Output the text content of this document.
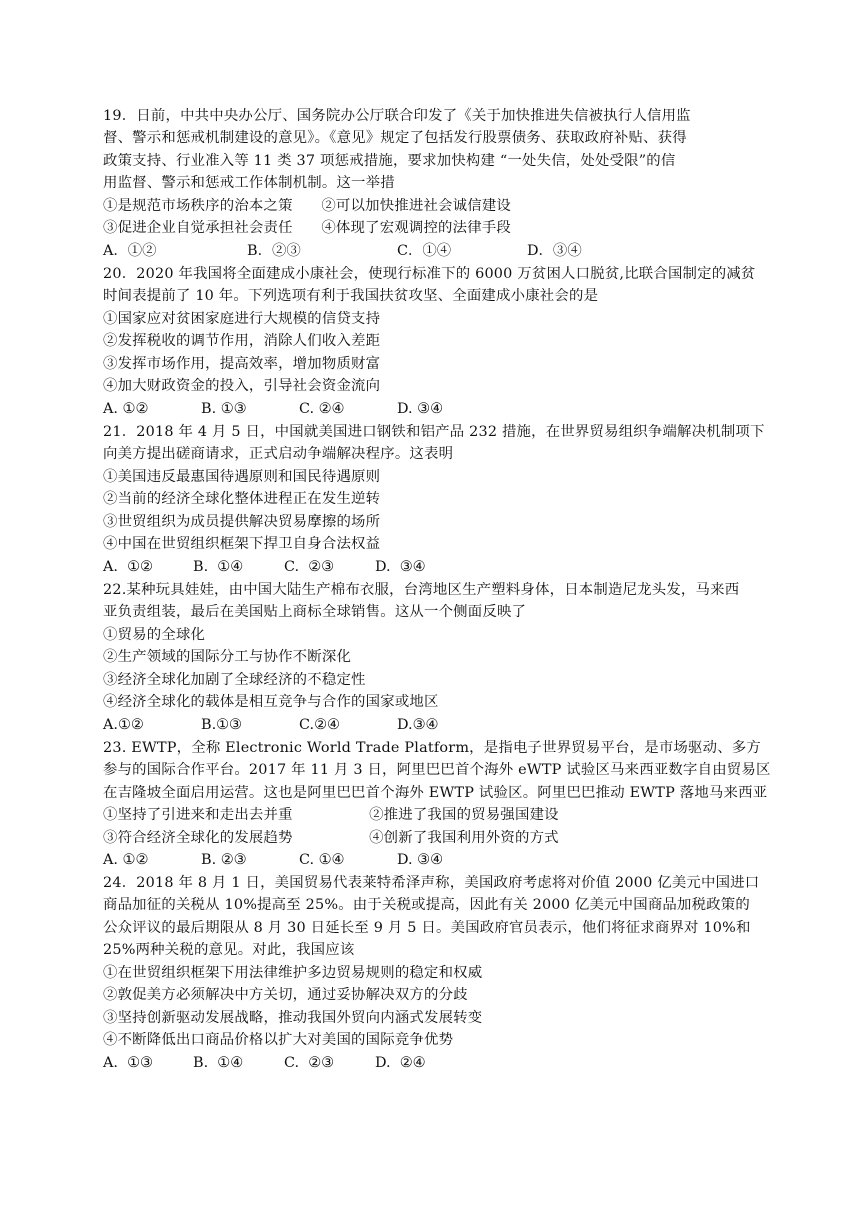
19．日前，中共中央办公厅、国务院办公厅联合印发了《关于加快推进失信被执行人信用监
督、警示和惩戒机制建设的意见》。《意见》规定了包括发行股票债务、获取政府补贴、获得
政策支持、行业准入等 11 类 37 项惩戒措施，要求加快构建 “一处失信，处处受限”的信
用监督、警示和惩戒工作体制机制。这一举措
①是规范市场秩序的治本之策      ②可以加快推进社会诚信建设
③促进企业自觉承担社会责任      ④体现了宏观调控的法律手段
A．①②	B．②③	C．①④	D．③④
20．2020 年我国将全面建成小康社会，使现行标准下的 6000 万贫困人口脱贫,比联合国制定的减贫
时间表提前了 10 年。下列选项有利于我国扶贫攻坚、全面建成小康社会的是
①国家应对贫困家庭进行大规模的信贷支持
②发挥税收的调节作用，消除人们收入差距
③发挥市场作用，提高效率，增加物质财富
④加大财政资金的投入，引导社会资金流向
A. ①②	B. ①③	C. ②④	D. ③④
21．2018 年 4 月 5 日，中国就美国进口钢铁和铝产品 232 措施，在世界贸易组织争端解决机制项下
向美方提出磋商请求，正式启动争端解决程序。这表明
①美国违反最惠国待遇原则和国民待遇原则
②当前的经济全球化整体进程正在发生逆转
③世贸组织为成员提供解决贸易摩擦的场所
④中国在世贸组织框架下捍卫自身合法权益
A.  ①②	B.  ①④	C.  ②③	D.  ③④
22.某种玩具娃娃，由中国大陆生产棉布衣服，台湾地区生产塑料身体，日本制造尼龙头发，马来西
亚负责组装，最后在美国贴上商标全球销售。这从一个侧面反映了
①贸易的全球化
②生产领域的国际分工与协作不断深化
③经济全球化加剧了全球经济的不稳定性
④经济全球化的载体是相互竞争与合作的国家或地区
A.①②	B.①③	C.②④	D.③④
23. EWTP，全称 Electronic World Trade Platform，是指电子世界贸易平台，是市场驱动、多方
参与的国际合作平台。2017 年 11 月 3 日，阿里巴巴首个海外 eWTP 试验区马来西亚数字自由贸易区
在吉隆坡全面启用运营。这也是阿里巴巴首个海外 EWTP 试验区。阿里巴巴推动 EWTP 落地马来西亚
①坚持了引进来和走出去并重                ②推进了我国的贸易强国建设
③符合经济全球化的发展趋势                ④创新了我国利用外资的方式
A. ①②	B. ②③	C. ①④	D. ③④
24．2018 年 8 月 1 日，美国贸易代表莱特希泽声称，美国政府考虑将对价值 2000 亿美元中国进口
商品加征的关税从 10%提高至 25%。由于关税或提高，因此有关 2000 亿美元中国商品加税政策的
公众评议的最后期限从 8 月 30 日延长至 9 月 5 日。美国政府官员表示，他们将征求商界对 10%和
25%两种关税的意见。对此，我国应该
①在世贸组织框架下用法律维护多边贸易规则的稳定和权威
②敦促美方必须解决中方关切，通过妥协解决双方的分歧
③坚持创新驱动发展战略，推动我国外贸向内涵式发展转变
④不断降低出口商品价格以扩大对美国的国际竞争优势
A.  ①③	B.  ①④	C.  ②③	D.  ②④
